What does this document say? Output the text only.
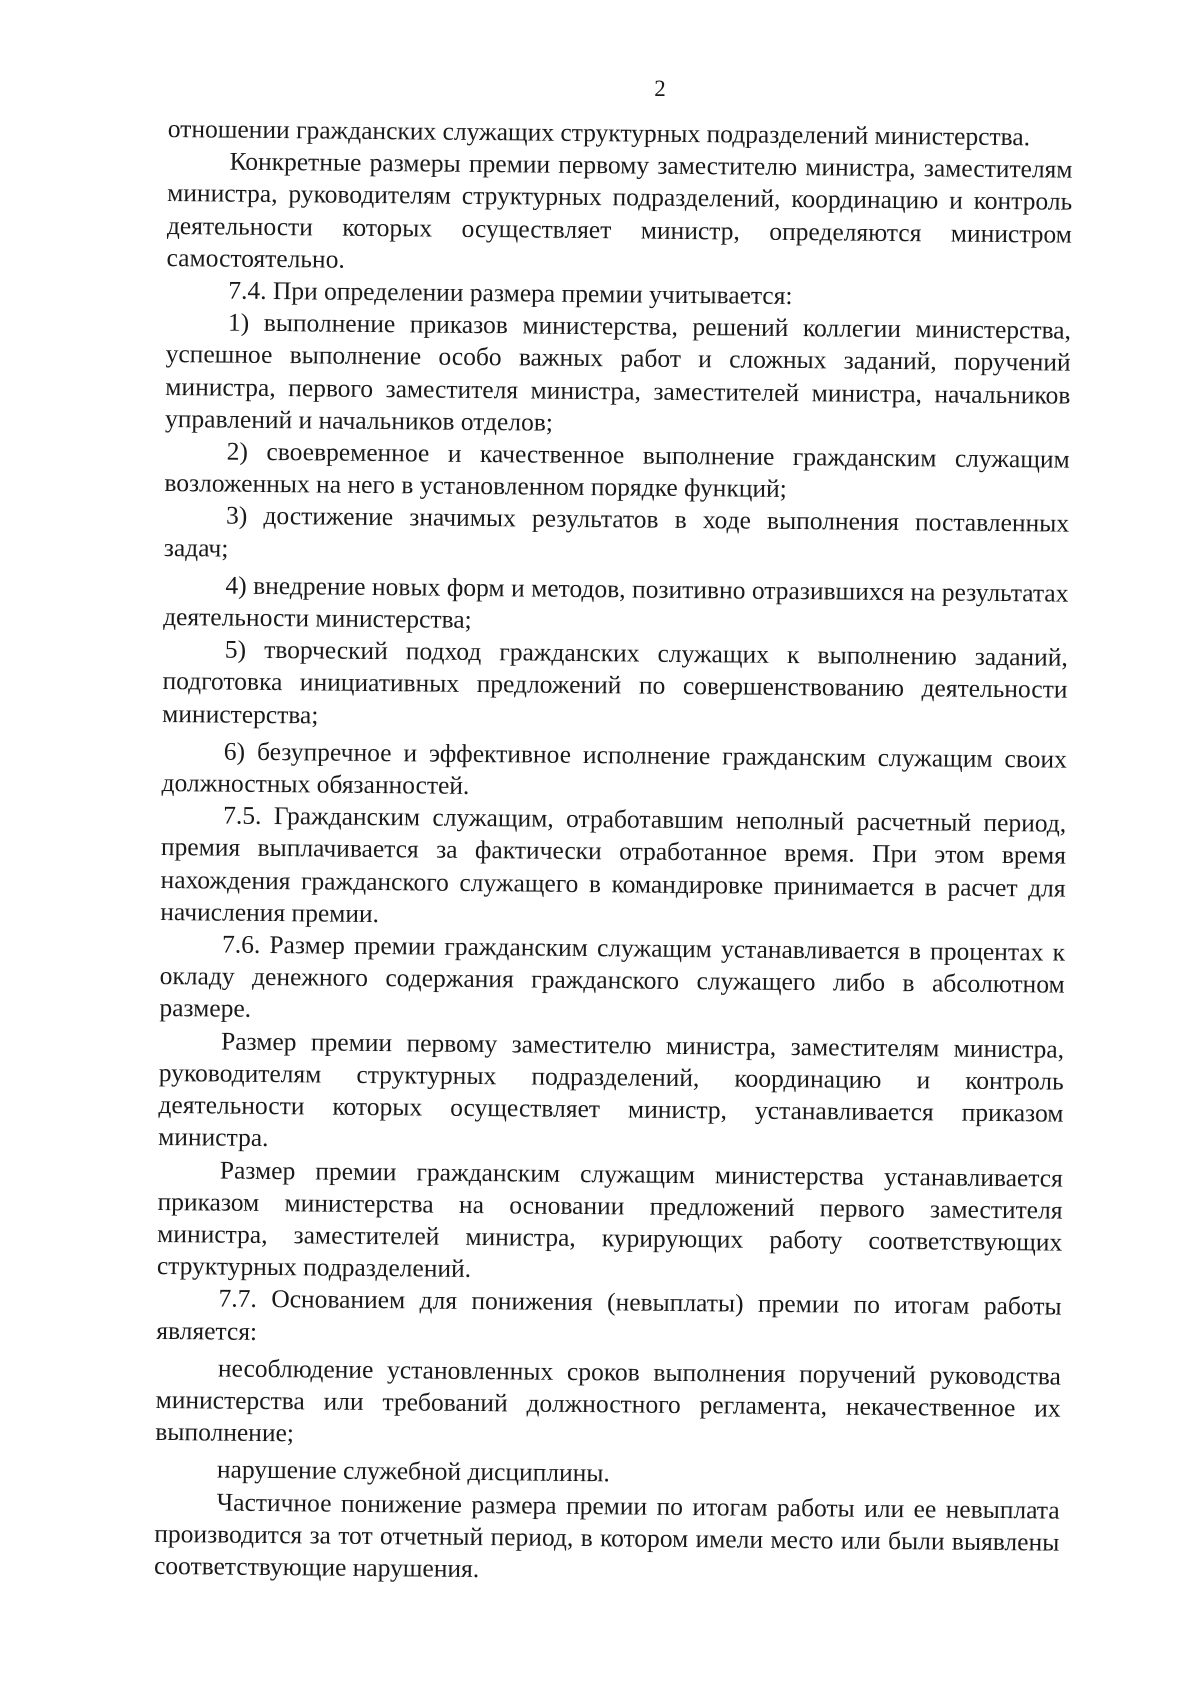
2

отношении гражданских служащих структурных подразделений министерства.

Конкретные размеры премии первому заместителю министра, заместителям министра, руководителям структурных подразделений, координацию и контроль деятельности которых осуществляет министр, определяются министром самостоятельно.

7.4. При определении размера премии учитывается:

1) выполнение приказов министерства, решений коллегии министерства, успешное выполнение особо важных работ и сложных заданий, поручений министра, первого заместителя министра, заместителей министра, начальников управлений и начальников отделов;

2) своевременное и качественное выполнение гражданским служащим возложенных на него в установленном порядке функций;

3) достижение значимых результатов в ходе выполнения поставленных задач;

4) внедрение новых форм и методов, позитивно отразившихся на результатах деятельности министерства;

5) творческий подход гражданских служащих к выполнению заданий, подготовка инициативных предложений по совершенствованию деятельности министерства;

6) безупречное и эффективное исполнение гражданским служащим своих должностных обязанностей.

7.5. Гражданским служащим, отработавшим неполный расчетный период, премия выплачивается за фактически отработанное время. При этом время нахождения гражданского служащего в командировке принимается в расчет для начисления премии.

7.6. Размер премии гражданским служащим устанавливается в процентах к окладу денежного содержания гражданского служащего либо в абсолютном размере.

Размер премии первому заместителю министра, заместителям министра, руководителям структурных подразделений, координацию и контроль деятельности которых осуществляет министр, устанавливается приказом министра.

Размер премии гражданским служащим министерства устанавливается приказом министерства на основании предложений первого заместителя министра, заместителей министра, курирующих работу соответствующих структурных подразделений.

7.7. Основанием для понижения (невыплаты) премии по итогам работы является:

несоблюдение установленных сроков выполнения поручений руководства министерства или требований должностного регламента, некачественное их выполнение;

нарушение служебной дисциплины.

Частичное понижение размера премии по итогам работы или ее невыплата производится за тот отчетный период, в котором имели место или были выявлены соответствующие нарушения.
